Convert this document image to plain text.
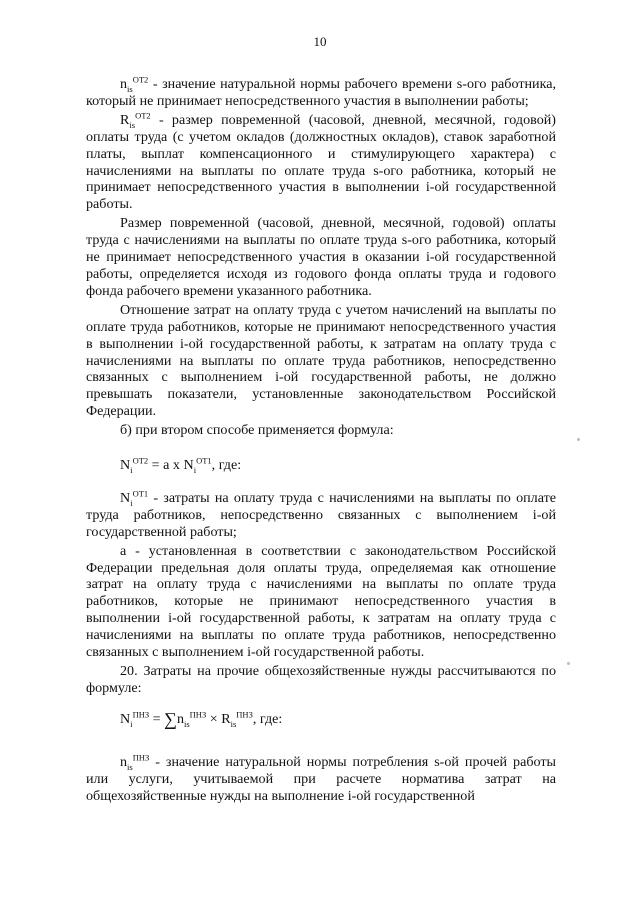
10

$n_{is}^{ОТ2}$ - значение натуральной нормы рабочего времени s-ого работника, который не принимает непосредственного участия в выполнении работы;

$R_{is}^{ОТ2}$ - размер повременной (часовой, дневной, месячной, годовой) оплаты труда (с учетом окладов (должностных окладов), ставок заработной платы, выплат компенсационного и стимулирующего характера) с начислениями на выплаты по оплате труда s-ого работника, который не принимает непосредственного участия в выполнении i-ой государственной работы.

Размер повременной (часовой, дневной, месячной, годовой) оплаты труда с начислениями на выплаты по оплате труда s-ого работника, который не принимает непосредственного участия в оказании i-ой государственной работы, определяется исходя из годового фонда оплаты труда и годового фонда рабочего времени указанного работника.

Отношение затрат на оплату труда с учетом начислений на выплаты по оплате труда работников, которые не принимают непосредственного участия в выполнении i-ой государственной работы, к затратам на оплату труда с начислениями на выплаты по оплате труда работников, непосредственно связанных с выполнением i-ой государственной работы, не должно превышать показатели, установленные законодательством Российской Федерации.

б) при втором способе применяется формула:

$N_i^{ОТ2} = a$ x $N_i^{ОТ1}$, где:

$N_i^{ОТ1}$ - затраты на оплату труда с начислениями на выплаты по оплате труда работников, непосредственно связанных с выполнением i-ой государственной работы;

а - установленная в соответствии с законодательством Российской Федерации предельная доля оплаты труда, определяемая как отношение затрат на оплату труда с начислениями на выплаты по оплате труда работников, которые не принимают непосредственного участия в выполнении i-ой государственной работы, к затратам на оплату труда с начислениями на выплаты по оплате труда работников, непосредственно связанных с выполнением i-ой государственной работы.

20. Затраты на прочие общехозяйственные нужды рассчитываются по формуле:

$N_i^{ПНЗ} = \sum n_{is}^{ПНЗ} \times R_{is}^{ПНЗ}$, где:

$n_{is}^{ПНЗ}$ - значение натуральной нормы потребления s-ой прочей работы или услуги, учитываемой при расчете норматива затрат на общехозяйственные нужды на выполнение i-ой государственной
